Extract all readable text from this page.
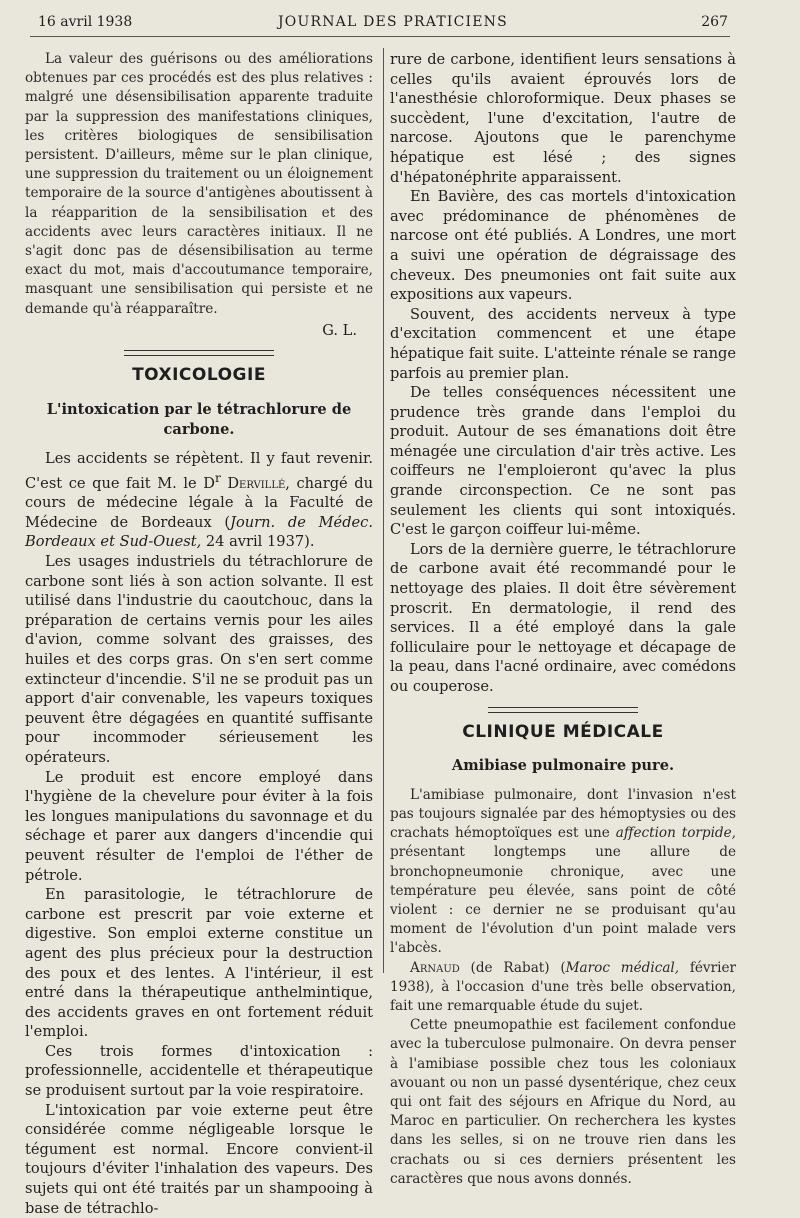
16 avril 1938	JOURNAL DES PRATICIENS	267

La valeur des guérisons ou des améliorations obtenues par ces procédés est des plus relatives : malgré une désensibilisation apparente traduite par la suppression des manifestations cliniques, les critères biologiques de sensibilisation persistent. D'ailleurs, même sur le plan clinique, une suppression du traitement ou un éloignement temporaire de la source d'antigènes aboutissent à la réapparition de la sensibilisation et des accidents avec leurs caractères initiaux. Il ne s'agit donc pas de désensibilisation au terme exact du mot, mais d'accoutumance temporaire, masquant une sensibilisation qui persiste et ne demande qu'à réapparaître.

G. L.
TOXICOLOGIE
L'intoxication par le tétrachlorure de carbone.

Les accidents se répètent. Il y faut revenir. C'est ce que fait M. le $D^r$ Dervillé, chargé du cours de médecine légale à la Faculté de Médecine de Bordeaux (Journ. de Médec. Bordeaux et Sud-Ouest, 24 avril 1937).

Les usages industriels du tétrachlorure de carbone sont liés à son action solvante. Il est utilisé dans l'industrie du caoutchouc, dans la préparation de certains vernis pour les ailes d'avion, comme solvant des graisses, des huiles et des corps gras. On s'en sert comme extincteur d'incendie. S'il ne se produit pas un apport d'air convenable, les vapeurs toxiques peuvent être dégagées en quantité suffisante pour incommoder sérieusement les opérateurs.

Le produit est encore employé dans l'hygiène de la chevelure pour éviter à la fois les longues manipulations du savonnage et du séchage et parer aux dangers d'incendie qui peuvent résulter de l'emploi de l'éther de pétrole.

En parasitologie, le tétrachlorure de carbone est prescrit par voie externe et digestive. Son emploi externe constitue un agent des plus précieux pour la destruction des poux et des lentes. A l'intérieur, il est entré dans la thérapeutique anthelmintique, des accidents graves en ont fortement réduit l'emploi.

Ces trois formes d'intoxication : professionnelle, accidentelle et thérapeutique se produisent surtout par la voie respiratoire.

L'intoxication par voie externe peut être considérée comme négligeable lorsque le tégument est normal. Encore convient-il toujours d'éviter l'inhalation des vapeurs. Des sujets qui ont été traités par un shampooing à base de tétrachlo-

rure de carbone, identifient leurs sensations à celles qu'ils avaient éprouvés lors de l'anesthésie chloroformique. Deux phases se succèdent, l'une d'excitation, l'autre de narcose. Ajoutons que le parenchyme hépatique est lésé ; des signes d'hépatonéphrite apparaissent.

En Bavière, des cas mortels d'intoxication avec prédominance de phénomènes de narcose ont été publiés. A Londres, une mort a suivi une opération de dégraissage des cheveux. Des pneumonies ont fait suite aux expositions aux vapeurs.

Souvent, des accidents nerveux à type d'excitation commencent et une étape hépatique fait suite. L'atteinte rénale se range parfois au premier plan.

De telles conséquences nécessitent une prudence très grande dans l'emploi du produit. Autour de ses émanations doit être ménagée une circulation d'air très active. Les coiffeurs ne l'emploieront qu'avec la plus grande circonspection. Ce ne sont pas seulement les clients qui sont intoxiqués. C'est le garçon coiffeur lui-même.

Lors de la dernière guerre, le tétrachlorure de carbone avait été recommandé pour le nettoyage des plaies. Il doit être sévèrement proscrit. En dermatologie, il rend des services. Il a été employé dans la gale folliculaire pour le nettoyage et décapage de la peau, dans l'acné ordinaire, avec comédons ou couperose.

CLINIQUE MÉDICALE
Amibiase pulmonaire pure.

L'amibiase pulmonaire, dont l'invasion n'est pas toujours signalée par des hémoptysies ou des crachats hémoptoïques est une affection torpide, présentant longtemps une allure de bronchopneumonie chronique, avec une température peu élevée, sans point de côté violent : ce dernier ne se produisant qu'au moment de l'évolution d'un point malade vers l'abcès.

Arnaud (de Rabat) (Maroc médical, février 1938), à l'occasion d'une très belle observation, fait une remarquable étude du sujet.

Cette pneumopathie est facilement confondue avec la tuberculose pulmonaire. On devra penser à l'amibiase possible chez tous les coloniaux avouant ou non un passé dysentérique, chez ceux qui ont fait des séjours en Afrique du Nord, au Maroc en particulier. On recherchera les kystes dans les selles, si on ne trouve rien dans les crachats ou si ces derniers présentent les caractères que nous avons donnés.
